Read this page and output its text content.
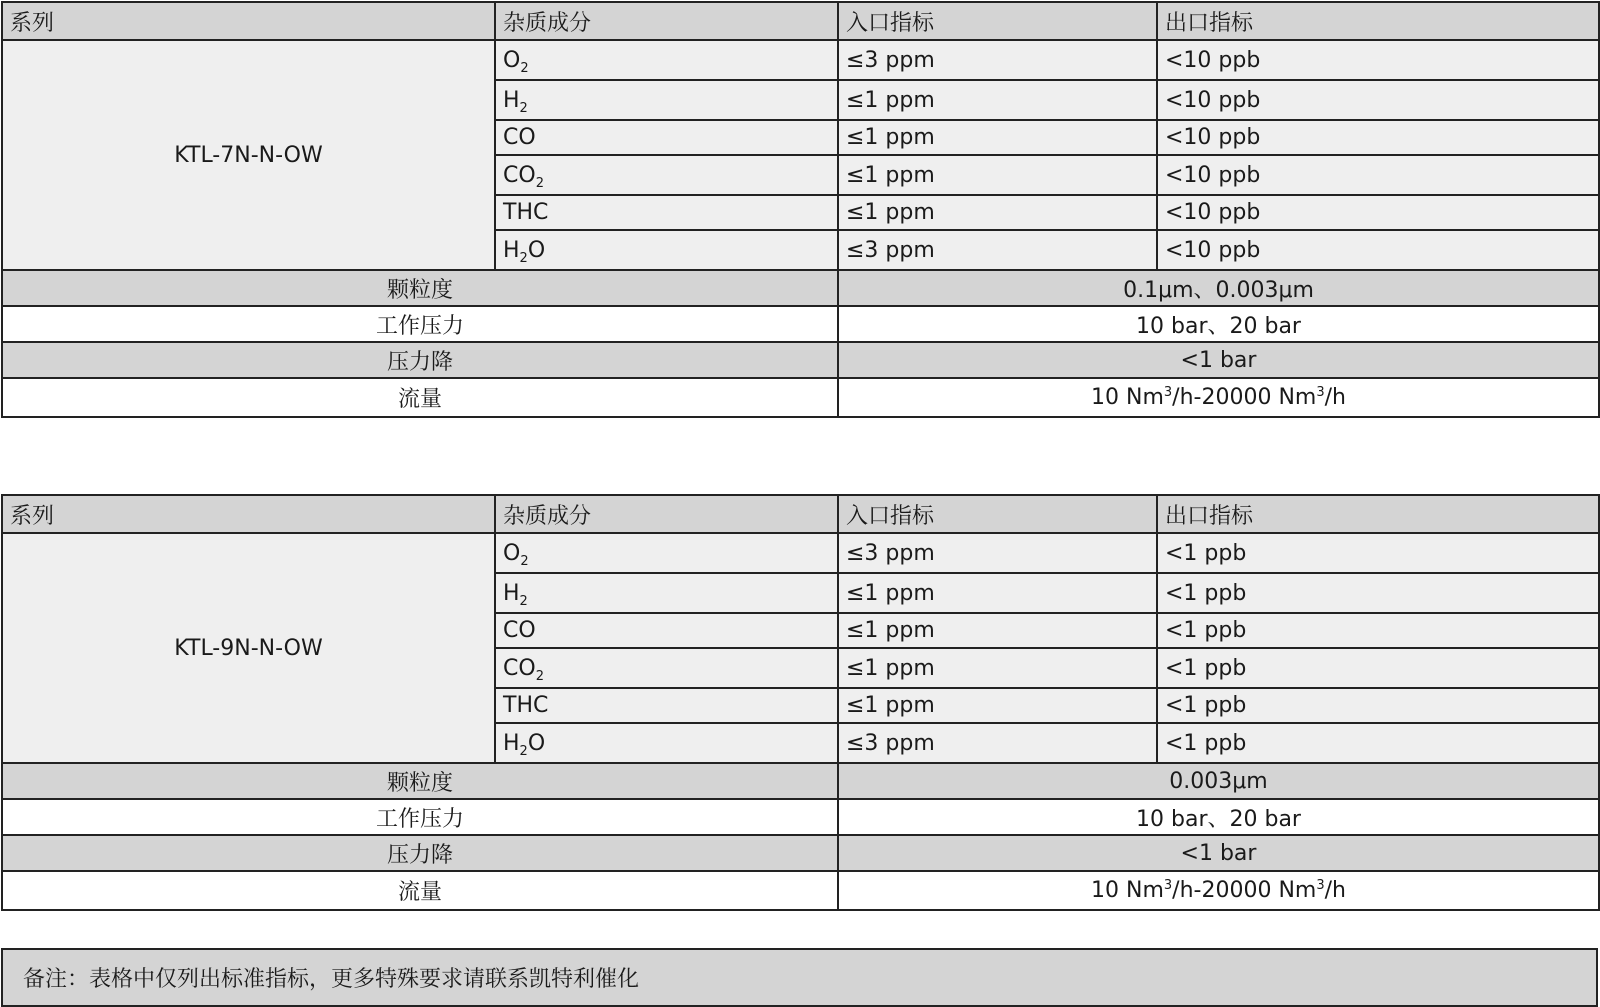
系列	杂质成分	入口指标	出口指标
KTL-7N-N-OW	$O_2$	≤3 ppm	<10 ppb
	$H_2$	≤1 ppm	<10 ppb
	CO	≤1 ppm	<10 ppb
	$CO_2$	≤1 ppm	<10 ppb
	THC	≤1 ppm	<10 ppb
	$H_2O$	≤3 ppm	<10 ppb
颗粒度		0.1μm、0.003μm	
工作压力		10 bar、20 bar	
压力降		<1 bar	
流量		10 Nm$^3$/h-20000 Nm$^3$/h	
系列	杂质成分	入口指标	出口指标
KTL-9N-N-OW	$O_2$	≤3 ppm	<1 ppb
	$H_2$	≤1 ppm	<1 ppb
	CO	≤1 ppm	<1 ppb
	$CO_2$	≤1 ppm	<1 ppb
	THC	≤1 ppm	<1 ppb
	$H_2O$	≤3 ppm	<1 ppb
颗粒度		0.003μm	
工作压力		10 bar、20 bar	
压力降		<1 bar	
流量		10 Nm$^3$/h-20000 Nm$^3$/h	
备注：表格中仅列出标准指标，更多特殊要求请联系凯特利催化
